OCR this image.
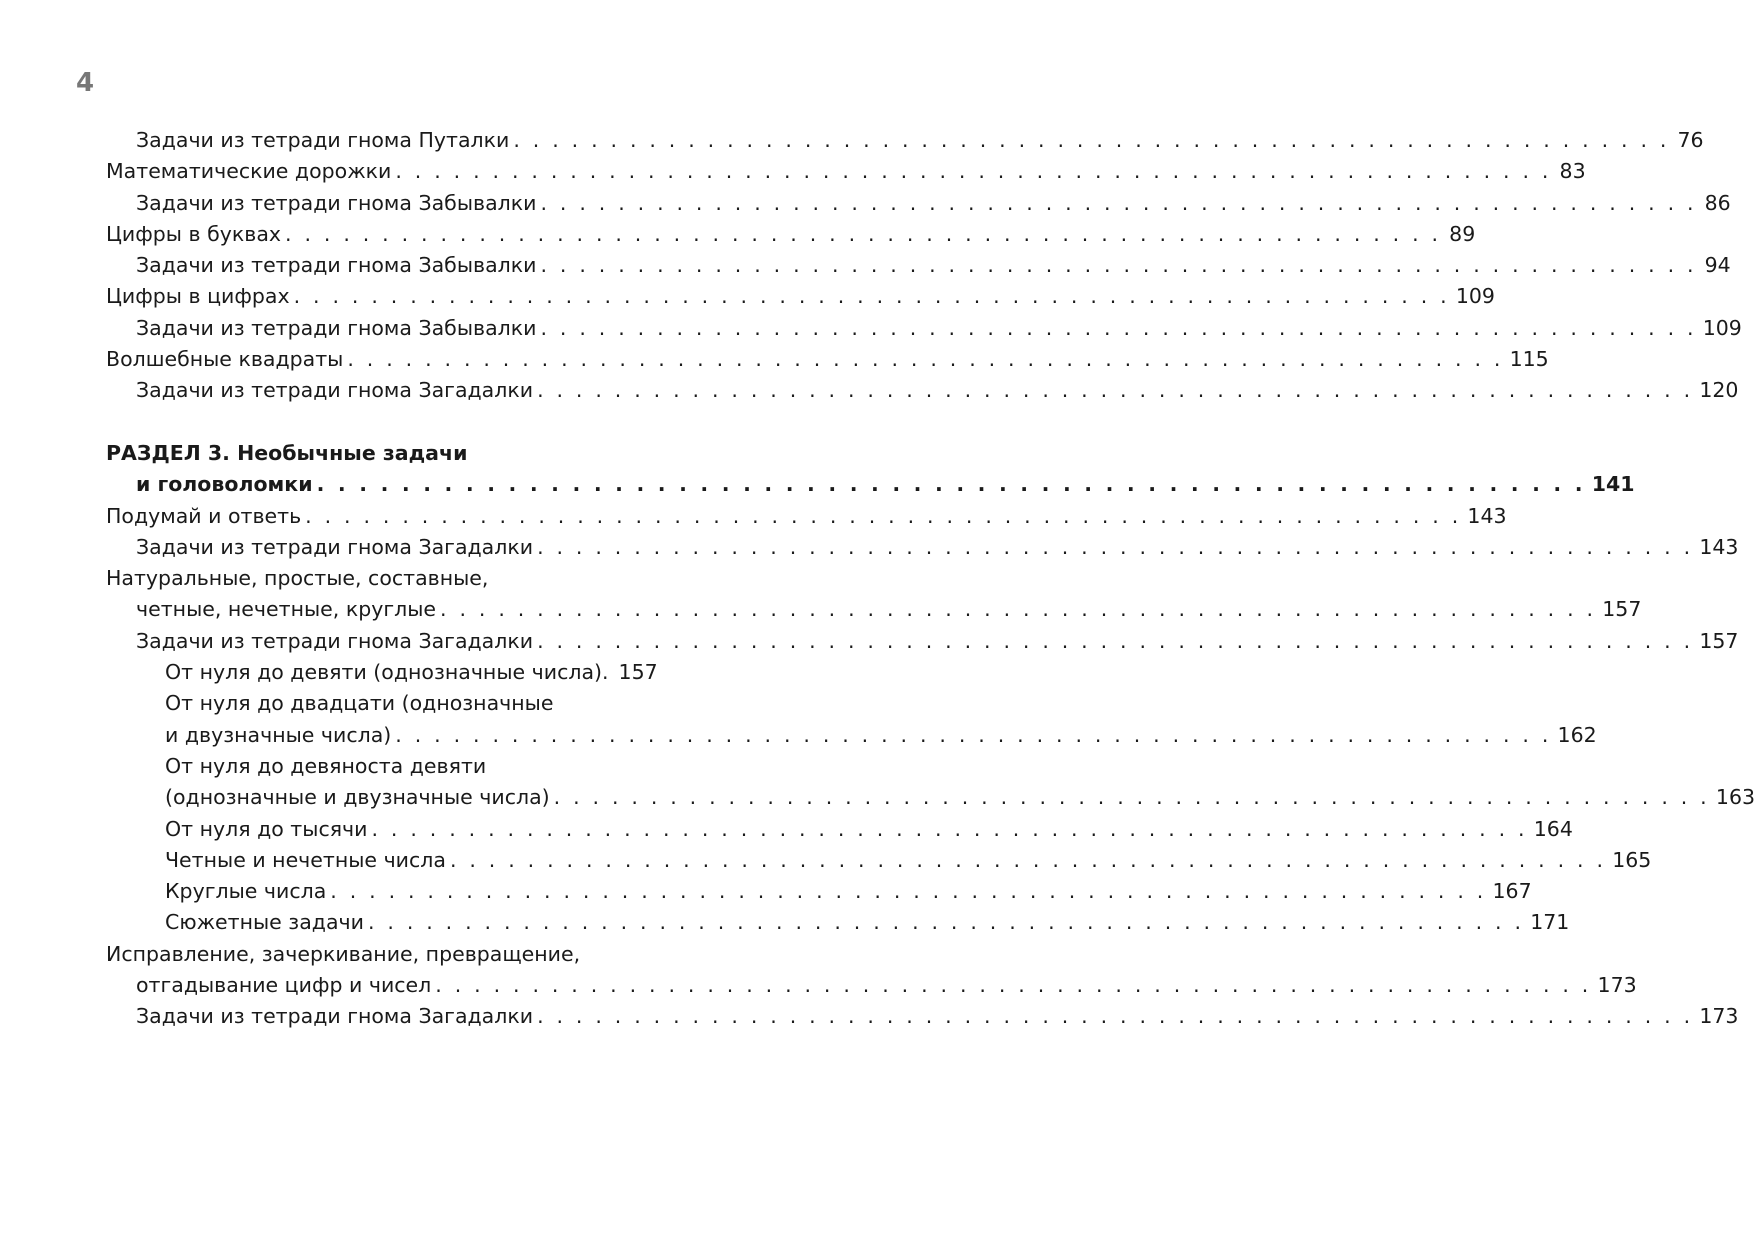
4
Задачи из тетради гнома Путалки . . . . . . . . . . . . . . . . . . . . . . . . . . . . . . . . . . . . . . . . . . . . . . . . . . . . . . . . . . . . 76
Математические дорожки . . . . . . . . . . . . . . . . . . . . . . . . . . . . . . . . . . . . . . . . . . . . . . . . . . . . . . . . . . . . 83
Задачи из тетради гнома Забывалки . . . . . . . . . . . . . . . . . . . . . . . . . . . . . . . . . . . . . . . . . . . . . . . . . . . . . . . . . . . . 86
Цифры в буквах . . . . . . . . . . . . . . . . . . . . . . . . . . . . . . . . . . . . . . . . . . . . . . . . . . . . . . . . . . . . 89
Задачи из тетради гнома Забывалки . . . . . . . . . . . . . . . . . . . . . . . . . . . . . . . . . . . . . . . . . . . . . . . . . . . . . . . . . . . . 94
Цифры в цифрах . . . . . . . . . . . . . . . . . . . . . . . . . . . . . . . . . . . . . . . . . . . . . . . . . . . . . . . . . . . . 109
Задачи из тетради гнома Забывалки . . . . . . . . . . . . . . . . . . . . . . . . . . . . . . . . . . . . . . . . . . . . . . . . . . . . . . . . . . . . 109
Волшебные квадраты . . . . . . . . . . . . . . . . . . . . . . . . . . . . . . . . . . . . . . . . . . . . . . . . . . . . . . . . . . . . 115
Задачи из тетради гнома Загадалки . . . . . . . . . . . . . . . . . . . . . . . . . . . . . . . . . . . . . . . . . . . . . . . . . . . . . . . . . . . . 120
РАЗДЕЛ 3. Необычные задачи
и головоломки . . . . . . . . . . . . . . . . . . . . . . . . . . . . . . . . . . . . . . . . . . . . . . . . . . . . . . . . . . . . 141
Подумай и ответь . . . . . . . . . . . . . . . . . . . . . . . . . . . . . . . . . . . . . . . . . . . . . . . . . . . . . . . . . . . . 143
Задачи из тетради гнома Загадалки . . . . . . . . . . . . . . . . . . . . . . . . . . . . . . . . . . . . . . . . . . . . . . . . . . . . . . . . . . . . 143
Натуральные, простые, составные,
четные, нечетные, круглые . . . . . . . . . . . . . . . . . . . . . . . . . . . . . . . . . . . . . . . . . . . . . . . . . . . . . . . . . . . . 157
Задачи из тетради гнома Загадалки . . . . . . . . . . . . . . . . . . . . . . . . . . . . . . . . . . . . . . . . . . . . . . . . . . . . . . . . . . . . 157
От нуля до девяти (однозначные числа). 157
От нуля до двадцати (однозначные
и двузначные числа) . . . . . . . . . . . . . . . . . . . . . . . . . . . . . . . . . . . . . . . . . . . . . . . . . . . . . . . . . . . . 162
От нуля до девяноста девяти
(однозначные и двузначные числа) . . . . . . . . . . . . . . . . . . . . . . . . . . . . . . . . . . . . . . . . . . . . . . . . . . . . . . . . . . . . 163
От нуля до тысячи . . . . . . . . . . . . . . . . . . . . . . . . . . . . . . . . . . . . . . . . . . . . . . . . . . . . . . . . . . . . 164
Четные и нечетные числа . . . . . . . . . . . . . . . . . . . . . . . . . . . . . . . . . . . . . . . . . . . . . . . . . . . . . . . . . . . . 165
Круглые числа . . . . . . . . . . . . . . . . . . . . . . . . . . . . . . . . . . . . . . . . . . . . . . . . . . . . . . . . . . . . 167
Сюжетные задачи . . . . . . . . . . . . . . . . . . . . . . . . . . . . . . . . . . . . . . . . . . . . . . . . . . . . . . . . . . . . 171
Исправление, зачеркивание, превращение,
отгадывание цифр и чисел . . . . . . . . . . . . . . . . . . . . . . . . . . . . . . . . . . . . . . . . . . . . . . . . . . . . . . . . . . . . 173
Задачи из тетради гнома Загадалки . . . . . . . . . . . . . . . . . . . . . . . . . . . . . . . . . . . . . . . . . . . . . . . . . . . . . . . . . . . . 173
